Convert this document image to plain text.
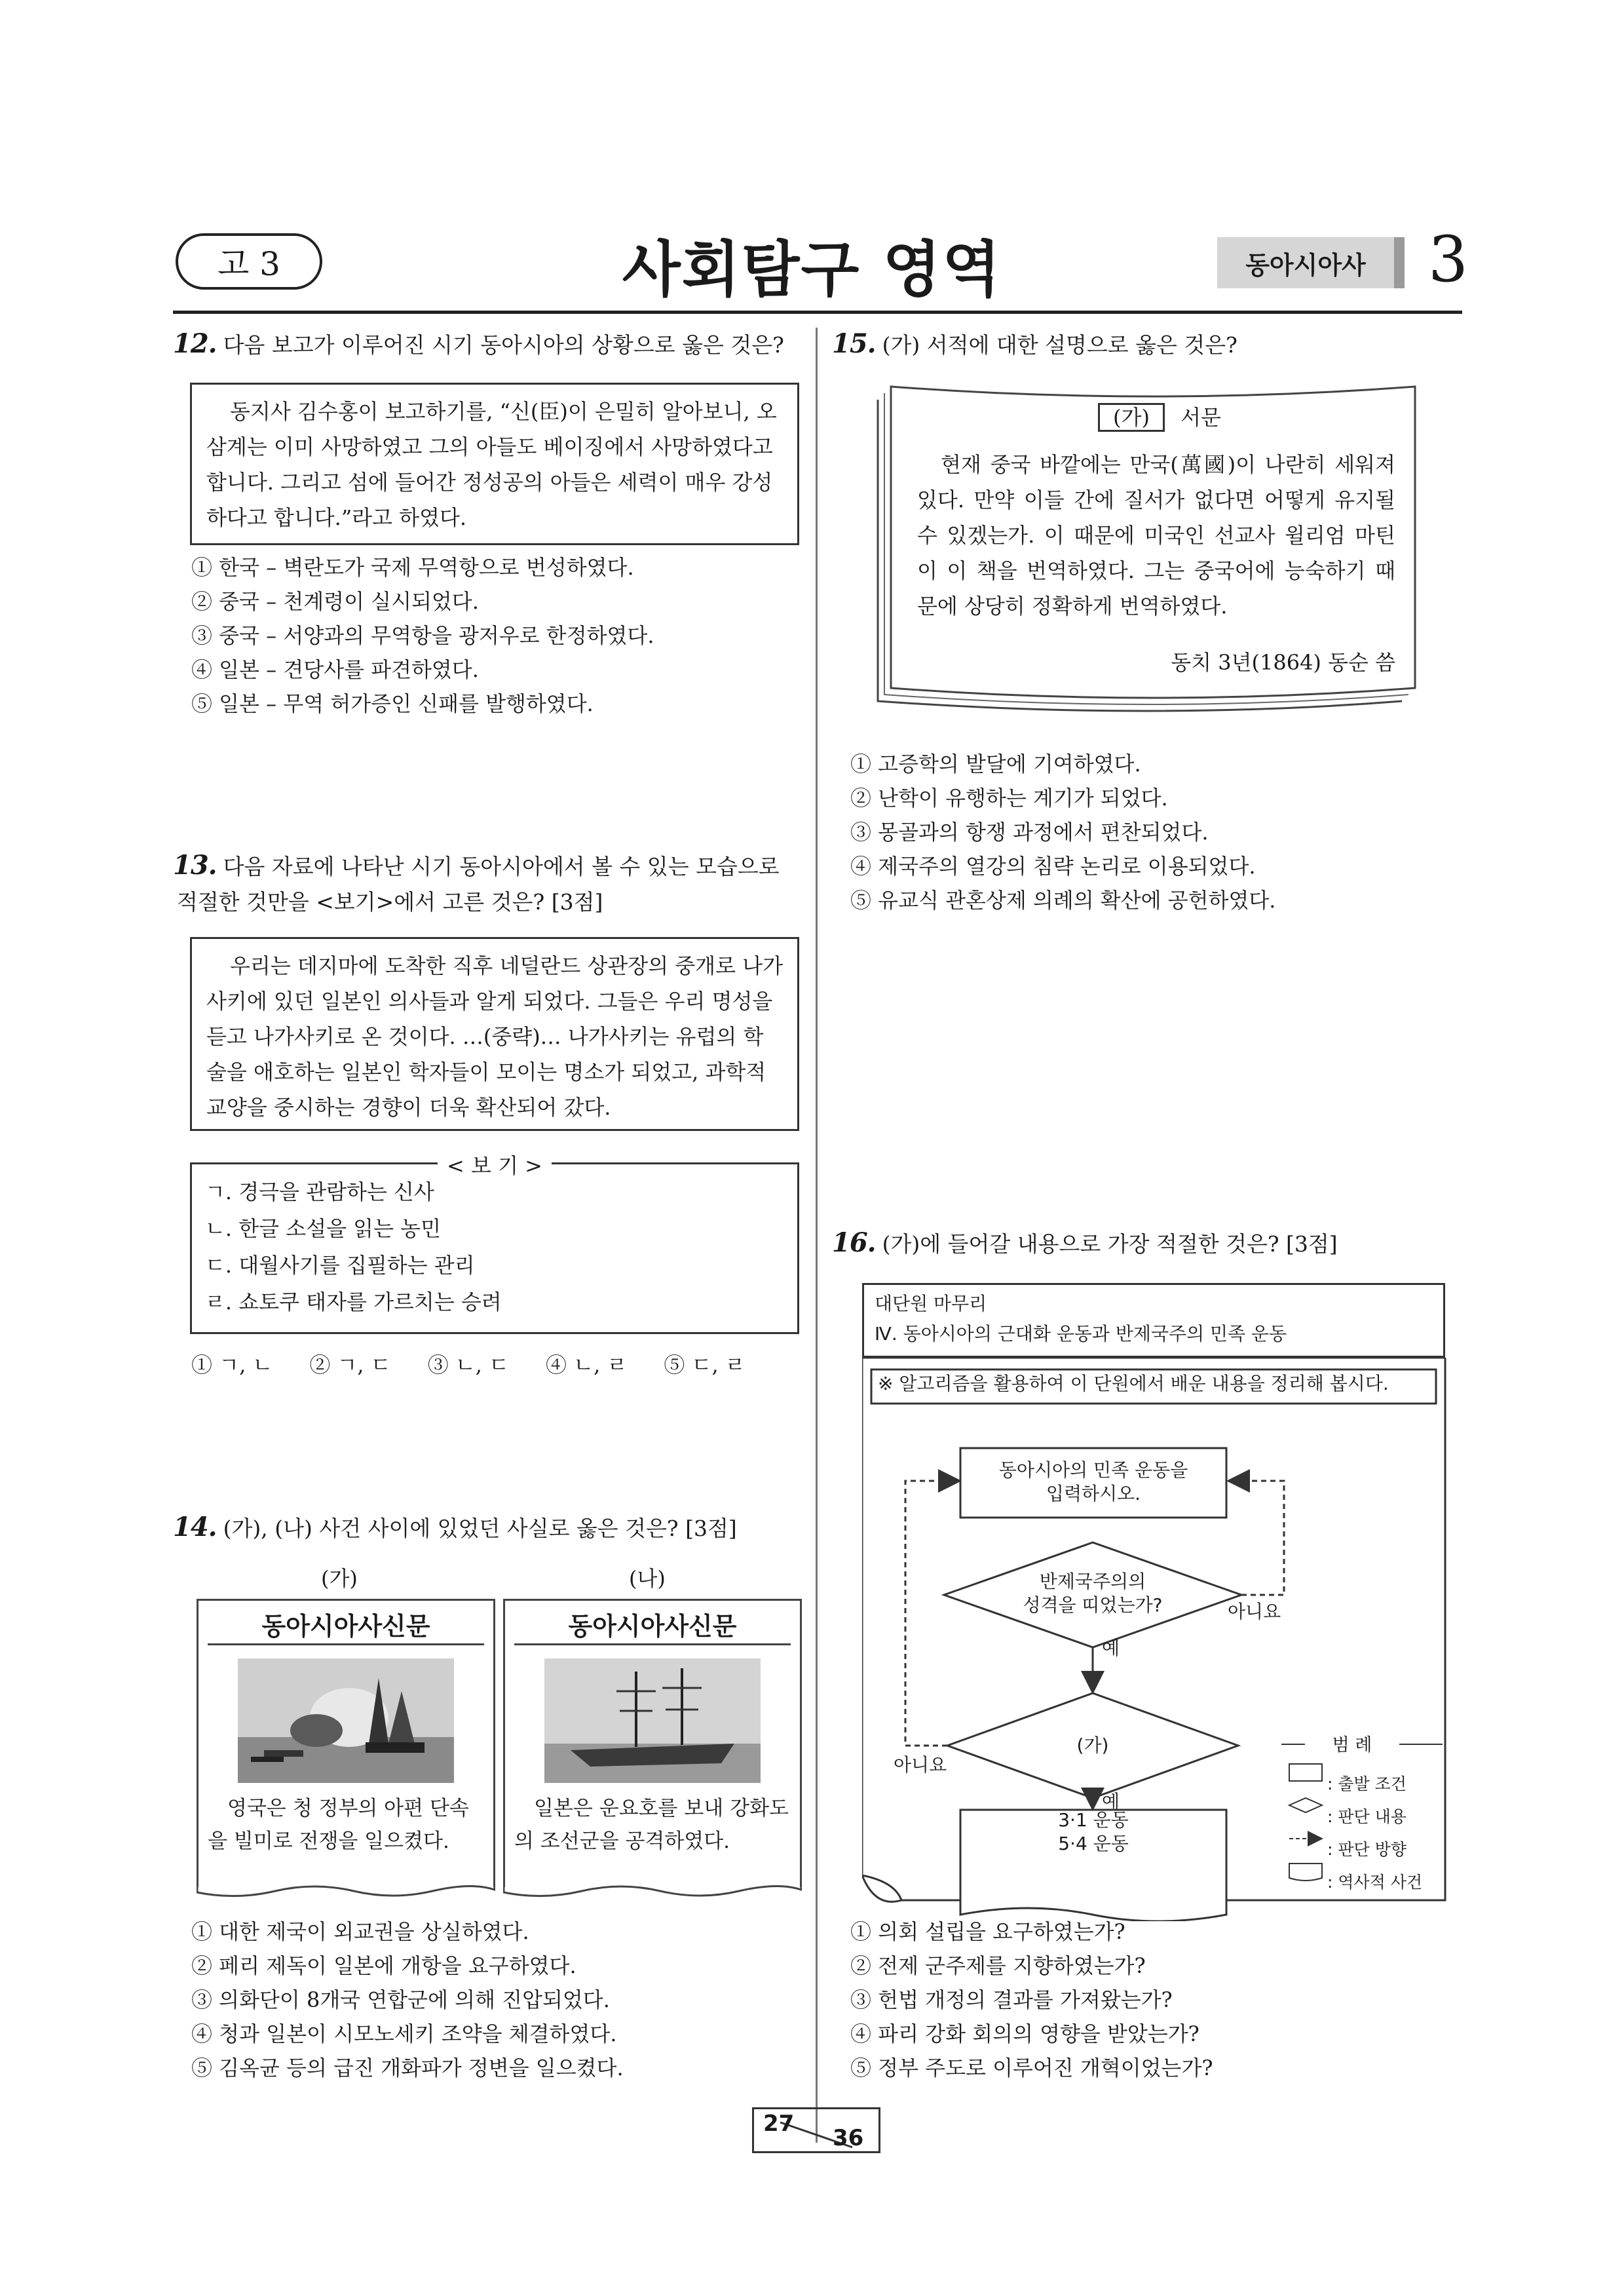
고 3	사회탐구 영역	동아시아사 3
12. 다음 보고가 이루어진 시기 동아시아의 상황으로 옳은 것은?
동지사 김수홍이 보고하기를, “신(臣)이 은밀히 알아보니, 오삼계는 이미 사망하였고 그의 아들도 베이징에서 사망하였다고 합니다. 그리고 섬에 들어간 정성공의 아들은 세력이 매우 강성하다고 합니다.”라고 하였다.
① 한국 – 벽란도가 국제 무역항으로 번성하였다.
② 중국 – 천계령이 실시되었다.
③ 중국 – 서양과의 무역항을 광저우로 한정하였다.
④ 일본 – 견당사를 파견하였다.
⑤ 일본 – 무역 허가증인 신패를 발행하였다.
13. 다음 자료에 나타난 시기 동아시아에서 볼 수 있는 모습으로
적절한 것만을 <보기>에서 고른 것은? [3점]
우리는 데지마에 도착한 직후 네덜란드 상관장의 중개로 나가사키에 있던 일본인 의사들과 알게 되었다. 그들은 우리 명성을 듣고 나가사키로 온 것이다. …(중략)… 나가사키는 유럽의 학술을 애호하는 일본인 학자들이 모이는 명소가 되었고, 과학적 교양을 중시하는 경향이 더욱 확산되어 갔다.
< 보 기 >
ㄱ. 경극을 관람하는 신사
ㄴ. 한글 소설을 읽는 농민
ㄷ. 대월사기를 집필하는 관리
ㄹ. 쇼토쿠 태자를 가르치는 승려
① ㄱ, ㄴ ② ㄱ, ㄷ ③ ㄴ, ㄷ ④ ㄴ, ㄹ ⑤ ㄷ, ㄹ
14. (가), (나) 사건 사이에 있었던 사실로 옳은 것은? [3점]
(가)	(나)
동아시아사신문
영국은 청 정부의 아편 단속을 빌미로 전쟁을 일으켰다.
동아시아사신문
일본은 운요호를 보내 강화도의 조선군을 공격하였다.
① 대한 제국이 외교권을 상실하였다.
② 페리 제독이 일본에 개항을 요구하였다.
③ 의화단이 8개국 연합군에 의해 진압되었다.
④ 청과 일본이 시모노세키 조약을 체결하였다.
⑤ 김옥균 등의 급진 개화파가 정변을 일으켰다.
15. (가) 서적에 대한 설명으로 옳은 것은?
(가) 서문
현재 중국 바깥에는 만국(萬國)이 나란히 세워져 있다. 만약 이들 간에 질서가 없다면 어떻게 유지될 수 있겠는가. 이 때문에 미국인 선교사 윌리엄 마틴이 이 책을 번역하였다. 그는 중국어에 능숙하기 때문에 상당히 정확하게 번역하였다.
동치 3년(1864) 동순 씀
① 고증학의 발달에 기여하였다.
② 난학이 유행하는 계기가 되었다.
③ 몽골과의 항쟁 과정에서 편찬되었다.
④ 제국주의 열강의 침략 논리로 이용되었다.
⑤ 유교식 관혼상제 의례의 확산에 공헌하였다.
16. (가)에 들어갈 내용으로 가장 적절한 것은? [3점]
대단원 마무리
Ⅳ. 동아시아의 근대화 운동과 반제국주의 민족 운동
※ 알고리즘을 활용하여 이 단원에서 배운 내용을 정리해 봅시다.
동아시아의 민족 운동을
입력하시오.
반제국주의의
성격을 띠었는가?	아니요
예
(가)
아니요
예
3·1 운동
5·4 운동
범 례
: 출발 조건
: 판단 내용
: 판단 방향
: 역사적 사건
① 의회 설립을 요구하였는가?
② 전제 군주제를 지향하였는가?
③ 헌법 개정의 결과를 가져왔는가?
④ 파리 강화 회의의 영향을 받았는가?
⑤ 정부 주도로 이루어진 개혁이었는가?
27
36
